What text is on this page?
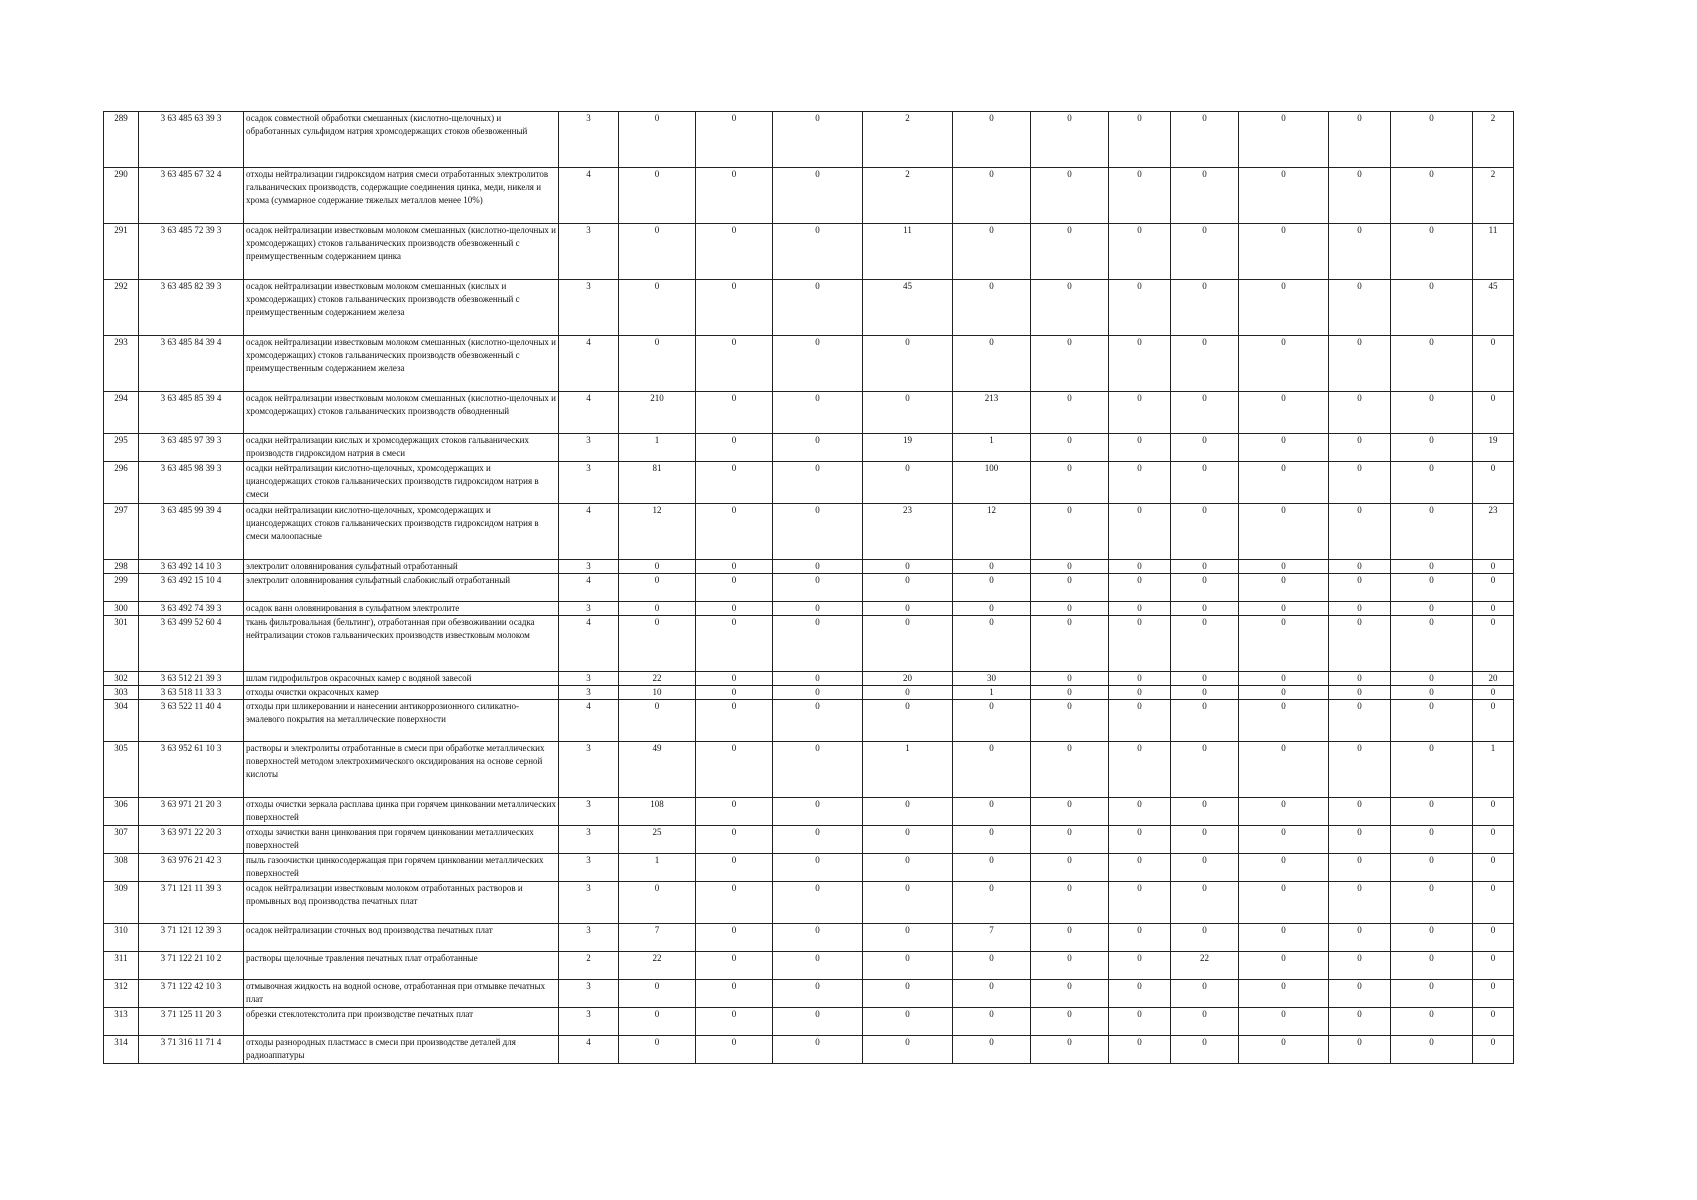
289	3 63 485 63 39 3	осадок совместной обработки смешанных (кислотно-щелочных) и обработанных сульфидом натрия хромсодержащих стоков обезвоженный	3	0	0	0	2	0	0	0	0	0	0	0	2
290	3 63 485 67 32 4	отходы нейтрализации гидроксидом натрия смеси отработанных электролитов гальванических производств, содержащие соединения цинка, меди, никеля и хрома (суммарное содержание тяжелых металлов менее 10%)	4	0	0	0	2	0	0	0	0	0	0	0	2
291	3 63 485 72 39 3	осадок нейтрализации известковым молоком смешанных (кислотно-щелочных и хромсодержащих) стоков гальванических производств обезвоженный с преимущественным содержанием цинка	3	0	0	0	11	0	0	0	0	0	0	0	11
292	3 63 485 82 39 3	осадок нейтрализации известковым молоком смешанных (кислых и хромсодержащих) стоков гальванических производств обезвоженный с преимущественным содержанием железа	3	0	0	0	45	0	0	0	0	0	0	0	45
293	3 63 485 84 39 4	осадок нейтрализации известковым молоком смешанных (кислотно-щелочных и хромсодержащих) стоков гальванических производств обезвоженный с преимущественным содержанием железа	4	0	0	0	0	0	0	0	0	0	0	0	0
294	3 63 485 85 39 4	осадок нейтрализации известковым молоком смешанных (кислотно-щелочных и хромсодержащих) стоков гальванических производств обводненный	4	210	0	0	0	213	0	0	0	0	0	0	0
295	3 63 485 97 39 3	осадки нейтрализации кислых и хромсодержащих стоков гальванических производств гидроксидом натрия в смеси	3	1	0	0	19	1	0	0	0	0	0	0	19
296	3 63 485 98 39 3	осадки нейтрализации кислотно-щелочных, хромсодержащих и циансодержащих стоков гальванических производств гидроксидом натрия в смеси	3	81	0	0	0	100	0	0	0	0	0	0	0
297	3 63 485 99 39 4	осадки нейтрализации кислотно-щелочных, хромсодержащих и циансодержащих стоков гальванических производств гидроксидом натрия в смеси малоопасные	4	12	0	0	23	12	0	0	0	0	0	0	23
298	3 63 492 14 10 3	электролит оловянирования сульфатный отработанный	3	0	0	0	0	0	0	0	0	0	0	0	0
299	3 63 492 15 10 4	электролит оловянирования сульфатный слабокислый отработанный	4	0	0	0	0	0	0	0	0	0	0	0	0
300	3 63 492 74 39 3	осадок ванн оловянирования в сульфатном электролите	3	0	0	0	0	0	0	0	0	0	0	0	0
301	3 63 499 52 60 4	ткань фильтровальная (бельтинг), отработанная при обезвоживании осадка нейтрализации стоков гальванических производств известковым молоком	4	0	0	0	0	0	0	0	0	0	0	0	0
302	3 63 512 21 39 3	шлам гидрофильтров окрасочных камер с водяной завесой	3	22	0	0	20	30	0	0	0	0	0	0	20
303	3 63 518 11 33 3	отходы очистки окрасочных камер	3	10	0	0	0	1	0	0	0	0	0	0	0
304	3 63 522 11 40 4	отходы при шликеровании и нанесении антикоррозионного силикатно-эмалевого покрытия на металлические поверхности	4	0	0	0	0	0	0	0	0	0	0	0	0
305	3 63 952 61 10 3	растворы и электролиты отработанные в смеси при обработке металлических поверхностей методом электрохимического оксидирования на основе серной кислоты	3	49	0	0	1	0	0	0	0	0	0	0	1
306	3 63 971 21 20 3	отходы очистки зеркала расплава цинка при горячем цинковании металлических поверхностей	3	108	0	0	0	0	0	0	0	0	0	0	0
307	3 63 971 22 20 3	отходы зачистки ванн цинкования при горячем цинковании металлических поверхностей	3	25	0	0	0	0	0	0	0	0	0	0	0
308	3 63 976 21 42 3	пыль газоочистки цинкосодержащая при горячем цинковании металлических поверхностей	3	1	0	0	0	0	0	0	0	0	0	0	0
309	3 71 121 11 39 3	осадок нейтрализации известковым молоком отработанных растворов и промывных вод производства печатных плат	3	0	0	0	0	0	0	0	0	0	0	0	0
310	3 71 121 12 39 3	осадок нейтрализации сточных вод производства печатных плат	3	7	0	0	0	7	0	0	0	0	0	0	0
311	3 71 122 21 10 2	растворы щелочные травления печатных плат отработанные	2	22	0	0	0	0	0	0	22	0	0	0	0
312	3 71 122 42 10 3	отмывочная жидкость на водной основе, отработанная при отмывке печатных плат	3	0	0	0	0	0	0	0	0	0	0	0	0
313	3 71 125 11 20 3	обрезки стеклотекстолита при производстве печатных плат	3	0	0	0	0	0	0	0	0	0	0	0	0
314	3 71 316 11 71 4	отходы разнородных пластмасс в смеси при производстве деталей для радиоаппатуры	4	0	0	0	0	0	0	0	0	0	0	0	0
